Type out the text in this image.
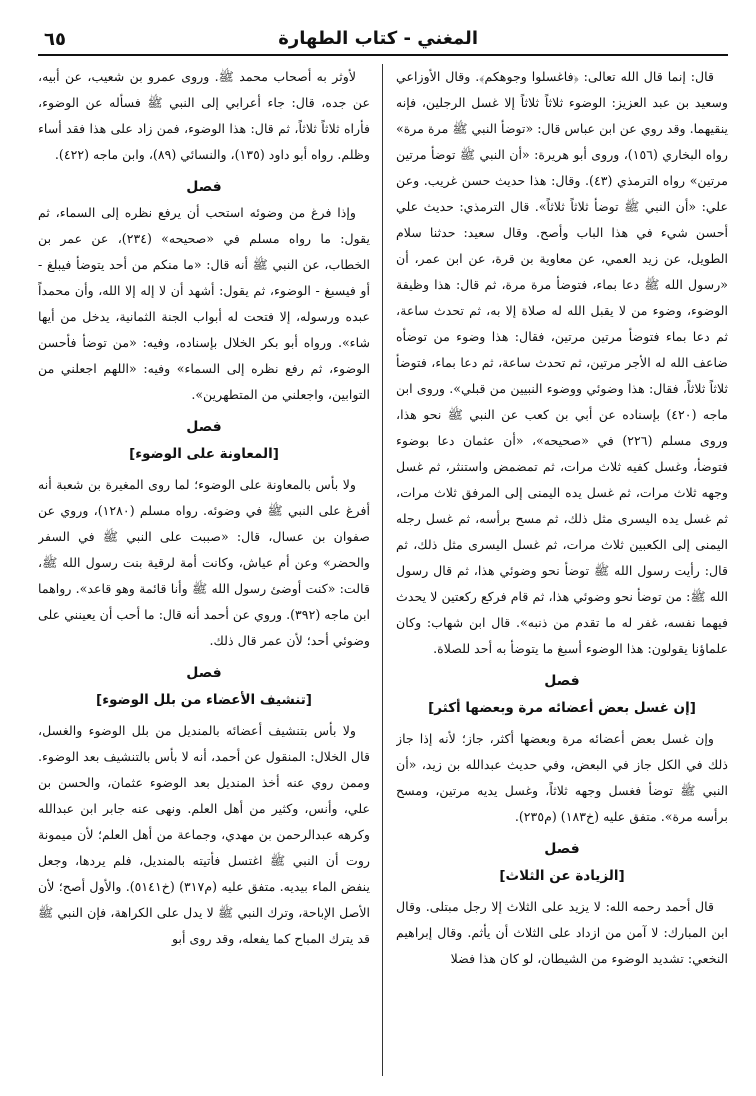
المغني - كتاب الطهارة
٦٥

قال: إنما قال الله تعالى: ﴿فاغسلوا وجوهكم﴾. وقال الأوزاعي وسعيد بن عبد العزيز: الوضوء ثلاثاً ثلاثاً إلا غسل الرجلين، فإنه ينقيهما. وقد روي عن ابن عباس قال: «توضأ النبي ﷺ مرة مرة» رواه البخاري (١٥٦)، وروى أبو هريرة: «أن النبي ﷺ توضأ مرتين مرتين» رواه الترمذي (٤٣). وقال: هذا حديث حسن غريب. وعن علي: «أن النبي ﷺ توضأ ثلاثاً ثلاثاً». قال الترمذي: حديث علي أحسن شيء في هذا الباب وأصح. وقال سعيد: حدثنا سلام الطويل، عن زيد العمي، عن معاوية بن قرة، عن ابن عمر، أن «رسول الله ﷺ دعا بماء، فتوضأ مرة مرة، ثم قال: هذا وظيفة الوضوء، وضوء من لا يقبل الله له صلاة إلا به، ثم تحدث ساعة، ثم دعا بماء فتوضأ مرتين مرتين، فقال: هذا وضوء من توضأه ضاعف الله له الأجر مرتين، ثم تحدث ساعة، ثم دعا بماء، فتوضأ ثلاثاً ثلاثاً، فقال: هذا وضوئي ووضوء النبيين من قبلي». وروى ابن ماجه (٤٢٠) بإسناده عن أبي بن كعب عن النبي ﷺ نحو هذا، وروى مسلم (٢٢٦) في «صحيحه»، «أن عثمان دعا بوضوء فتوضأ، وغسل كفيه ثلاث مرات، ثم تمضمض واستنثر، ثم غسل وجهه ثلاث مرات، ثم غسل يده اليمنى إلى المرفق ثلاث مرات، ثم غسل يده اليسرى مثل ذلك، ثم مسح برأسه، ثم غسل رجله اليمنى إلى الكعبين ثلاث مرات، ثم غسل اليسرى مثل ذلك، ثم قال: رأيت رسول الله ﷺ توضأ نحو وضوئي هذا، ثم قال رسول الله ﷺ: من توضأ نحو وضوئي هذا، ثم قام فركع ركعتين لا يحدث فيهما نفسه، غفر له ما تقدم من ذنبه». قال ابن شهاب: وكان علماؤنا يقولون: هذا الوضوء أسبغ ما يتوضأ به أحد للصلاة.

فصل
[إن غسل بعض أعضائه مرة وبعضها أكثر]

وإن غسل بعض أعضائه مرة وبعضها أكثر، جاز؛ لأنه إذا جاز ذلك في الكل جاز في البعض، وفي حديث عبدالله بن زيد، «أن النبي ﷺ توضأ فغسل وجهه ثلاثاً، وغسل يديه مرتين، ومسح برأسه مرة». متفق عليه (خ١٨٣) (م٢٣٥).

فصل
[الزيادة عن الثلاث]

قال أحمد رحمه الله: لا يزيد على الثلاث إلا رجل مبتلى. وقال ابن المبارك: لا آمن من ازداد على الثلاث أن يأثم. وقال إبراهيم النخعي: تشديد الوضوء من الشيطان، لو كان هذا فضلا

لأوثر به أصحاب محمد ﷺ. وروى عمرو بن شعيب، عن أبيه، عن جده، قال: جاء أعرابي إلى النبي ﷺ فسأله عن الوضوء، فأراه ثلاثاً ثلاثاً، ثم قال: هذا الوضوء، فمن زاد على هذا فقد أساء وظلم. رواه أبو داود (١٣٥)، والنسائي (٨٩)، وابن ماجه (٤٢٢).

فصل

وإذا فرغ من وضوئه استحب أن يرفع نظره إلى السماء، ثم يقول: ما رواه مسلم في «صحيحه» (٢٣٤)، عن عمر بن الخطاب، عن النبي ﷺ أنه قال: «ما منكم من أحد يتوضأ فيبلغ - أو فيسبغ - الوضوء، ثم يقول: أشهد أن لا إله إلا الله، وأن محمداً عبده ورسوله، إلا فتحت له أبواب الجنة الثمانية، يدخل من أيها شاء». ورواه أبو بكر الخلال بإسناده، وفيه: «من توضأ فأحسن الوضوء، ثم رفع نظره إلى السماء» وفيه: «اللهم اجعلني من التوابين، واجعلني من المتطهرين».

فصل
[المعاونة على الوضوء]

ولا بأس بالمعاونة على الوضوء؛ لما روى المغيرة بن شعبة أنه أفرغ على النبي ﷺ في وضوئه. رواه مسلم (١٢٨٠)، وروي عن صفوان بن عسال، قال: «صببت على النبي ﷺ في السفر والحضر» وعن أم عياش، وكانت أمة لرقية بنت رسول الله ﷺ، قالت: «كنت أوضئ رسول الله ﷺ وأنا قائمة وهو قاعد». رواهما ابن ماجه (٣٩٢). وروي عن أحمد أنه قال: ما أحب أن يعينني على وضوئي أحد؛ لأن عمر قال ذلك.

فصل
[تنشيف الأعضاء من بلل الوضوء]

ولا بأس بتنشيف أعضائه بالمنديل من بلل الوضوء والغسل، قال الخلال: المنقول عن أحمد، أنه لا بأس بالتنشيف بعد الوضوء. وممن روي عنه أخذ المنديل بعد الوضوء عثمان، والحسن بن علي، وأنس، وكثير من أهل العلم. ونهى عنه جابر ابن عبدالله وكرهه عبدالرحمن بن مهدي، وجماعة من أهل العلم؛ لأن ميمونة روت أن النبي ﷺ اغتسل فأتيته بالمنديل، فلم يردها، وجعل ينفض الماء بيديه. متفق عليه (م٣١٧) (خ٥١٤١). والأول أصح؛ لأن الأصل الإباحة، وترك النبي ﷺ لا يدل على الكراهة، فإن النبي ﷺ قد يترك المباح كما يفعله، وقد روى أبو
